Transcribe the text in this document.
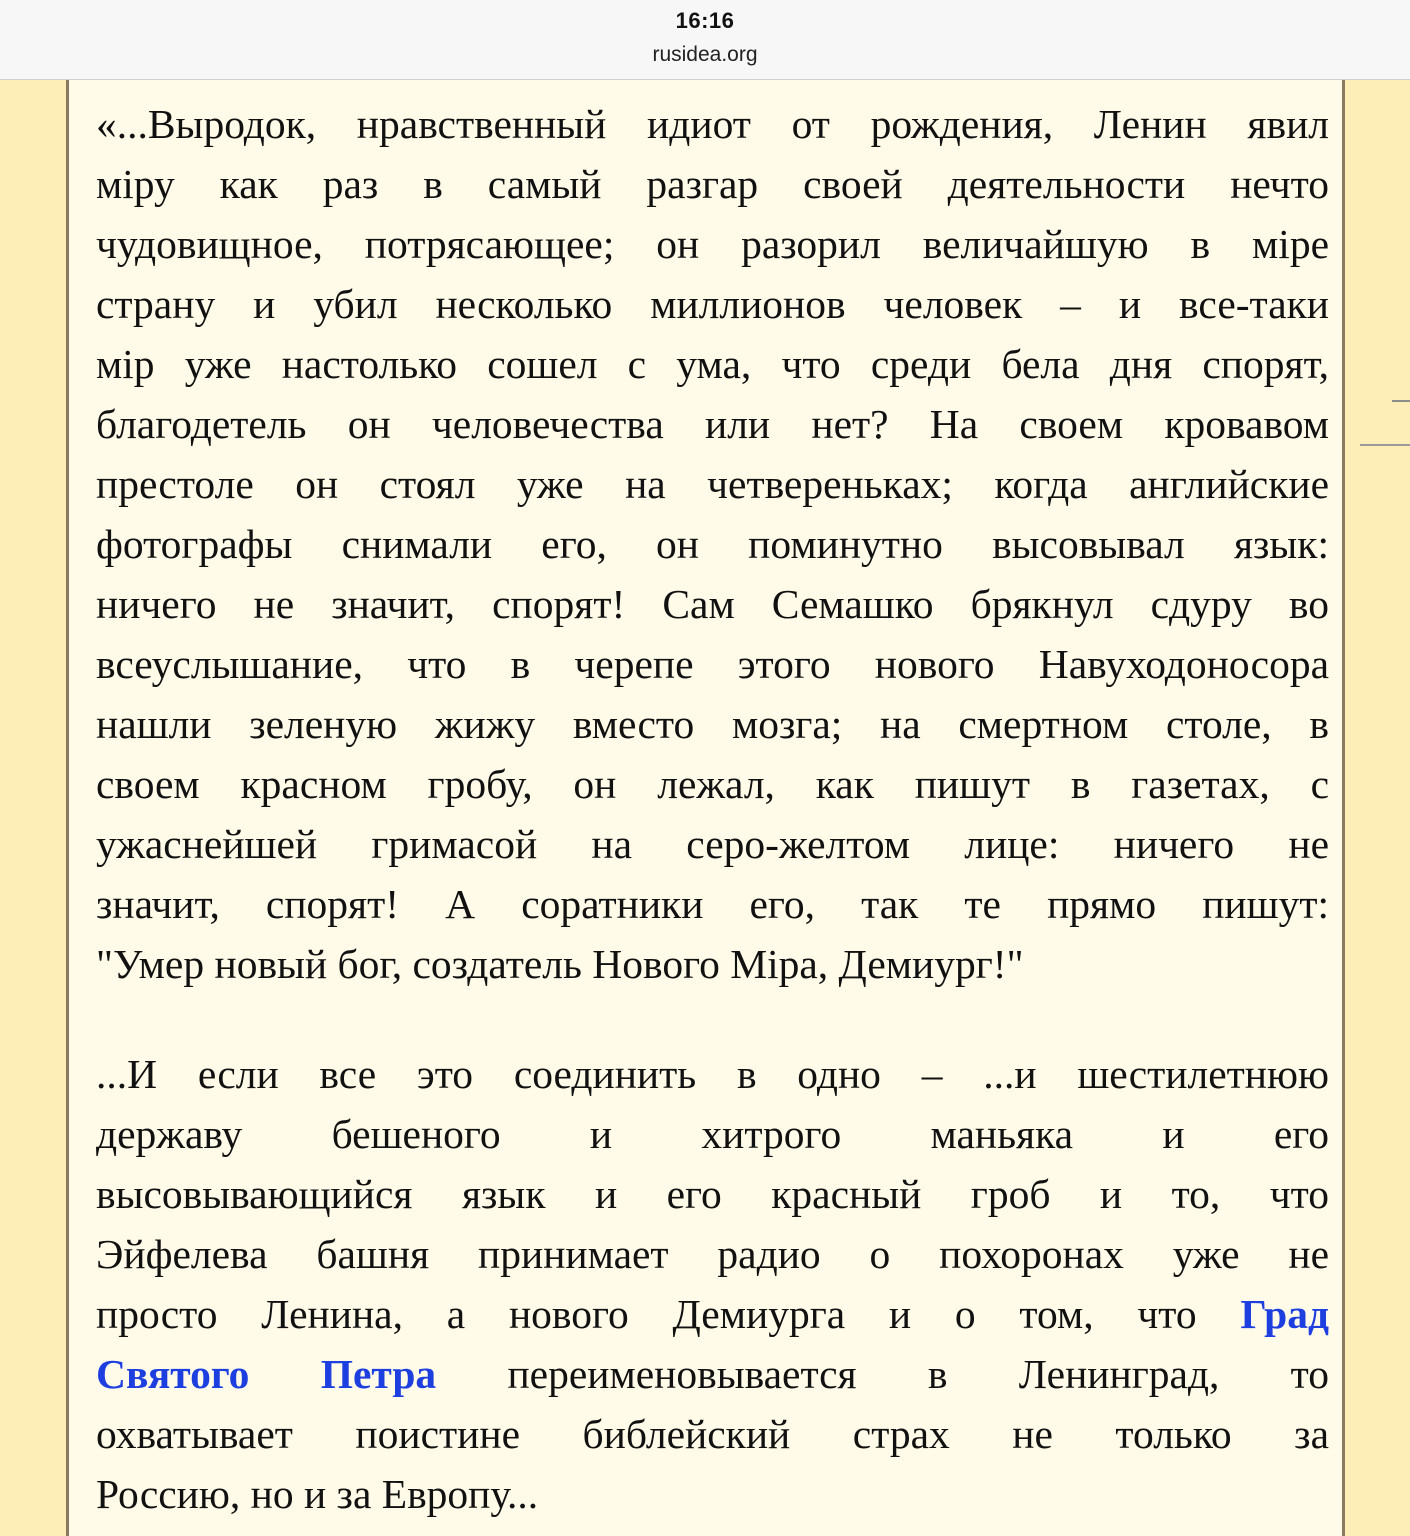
16:16
rusidea.org
«...Выродок, нравственный идиот от рождения, Ленин явил
міру как раз в самый разгар своей деятельности нечто
чудовищное, потрясающее; он разорил величайшую в міре
страну и убил несколько миллионов человек – и все-таки
мір уже настолько сошел с ума, что среди бела дня спорят,
благодетель он человечества или нет? На своем кровавом
престоле он стоял уже на четвереньках; когда английские
фотографы снимали его, он поминутно высовывал язык:
ничего не значит, спорят! Сам Семашко брякнул сдуру во
всеуслышание, что в черепе этого нового Навуходоносора
нашли зеленую жижу вместо мозга; на смертном столе, в
своем красном гробу, он лежал, как пишут в газетах, с
ужаснейшей гримасой на серо-желтом лице: ничего не
значит, спорят! А соратники его, так те прямо пишут:
"Умер новый бог, создатель Нового Міра, Демиург!"
...И если все это соединить в одно – ...и шестилетнюю
державу бешеного и хитрого маньяка и его
высовывающийся язык и его красный гроб и то, что
Эйфелева башня принимает радио о похоронах уже не
просто Ленина, а нового Демиурга и о том, что Град
Святого Петра переименовывается в Ленинград, то
охватывает поистине библейский страх не только за
Россию, но и за Европу...
